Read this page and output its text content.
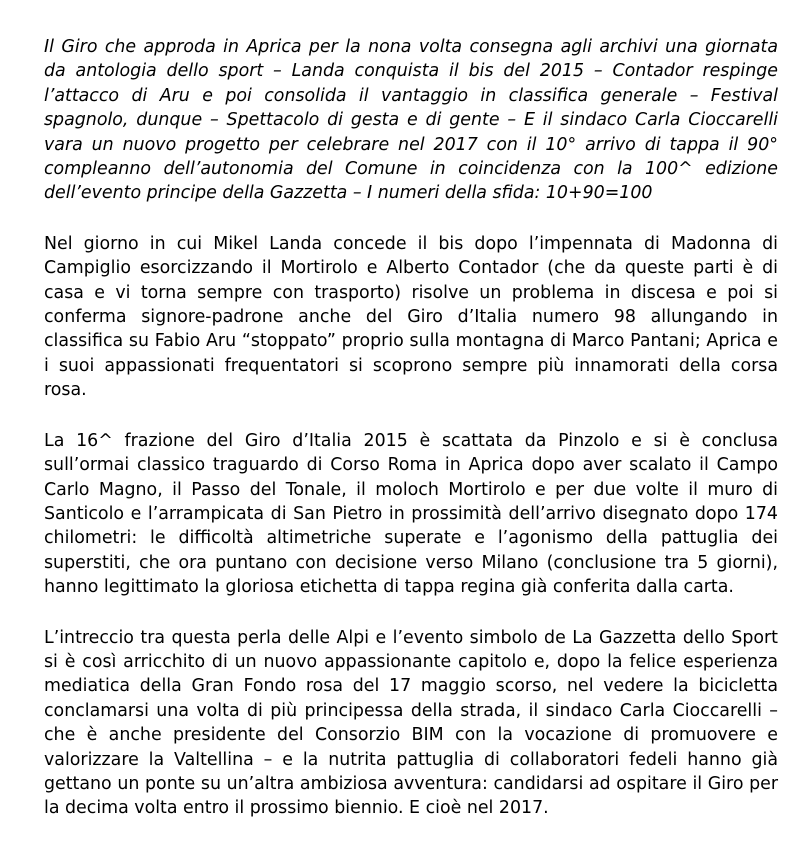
Il Giro che approda in Aprica per la nona volta consegna agli archivi una giornata da antologia dello sport – Landa conquista il bis del 2015 – Contador respinge l’attacco di Aru e poi consolida il vantaggio in classifica generale – Festival spagnolo, dunque – Spettacolo di gesta e di gente – E il sindaco Carla Cioccarelli vara un nuovo progetto per celebrare nel 2017 con il 10° arrivo di tappa il 90° compleanno dell’autonomia del Comune in coincidenza con la 100^ edizione dell’evento principe della Gazzetta – I numeri della sfida: 10+90=100

Nel giorno in cui Mikel Landa concede il bis dopo l’impennata di Madonna di Campiglio esorcizzando il Mortirolo e Alberto Contador (che da queste parti è di casa e vi torna sempre con trasporto) risolve un problema in discesa e poi si conferma signore-padrone anche del Giro d’Italia numero 98 allungando in classifica su Fabio Aru “stoppato” proprio sulla montagna di Marco Pantani; Aprica e i suoi appassionati frequentatori si scoprono sempre più innamorati della corsa rosa.

La 16^ frazione del Giro d’Italia 2015 è scattata da Pinzolo e si è conclusa sull’ormai classico traguardo di Corso Roma in Aprica dopo aver scalato il Campo Carlo Magno, il Passo del Tonale, il moloch Mortirolo e per due volte il muro di Santicolo e l’arrampicata di San Pietro in prossimità dell’arrivo disegnato dopo 174 chilometri: le difficoltà altimetriche superate e l’agonismo della pattuglia dei superstiti, che ora puntano con decisione verso Milano (conclusione tra 5 giorni), hanno legittimato la gloriosa etichetta di tappa regina già conferita dalla carta.

L’intreccio tra questa perla delle Alpi e l’evento simbolo de La Gazzetta dello Sport si è così arricchito di un nuovo appassionante capitolo e, dopo la felice esperienza mediatica della Gran Fondo rosa del 17 maggio scorso, nel vedere la bicicletta conclamarsi una volta di più principessa della strada, il sindaco Carla Cioccarelli – che è anche presidente del Consorzio BIM con la vocazione di promuovere e valorizzare la Valtellina – e la nutrita pattuglia di collaboratori fedeli hanno già gettano un ponte su un’altra ambiziosa avventura: candidarsi ad ospitare il Giro per la decima volta entro il prossimo biennio. E cioè nel 2017.
